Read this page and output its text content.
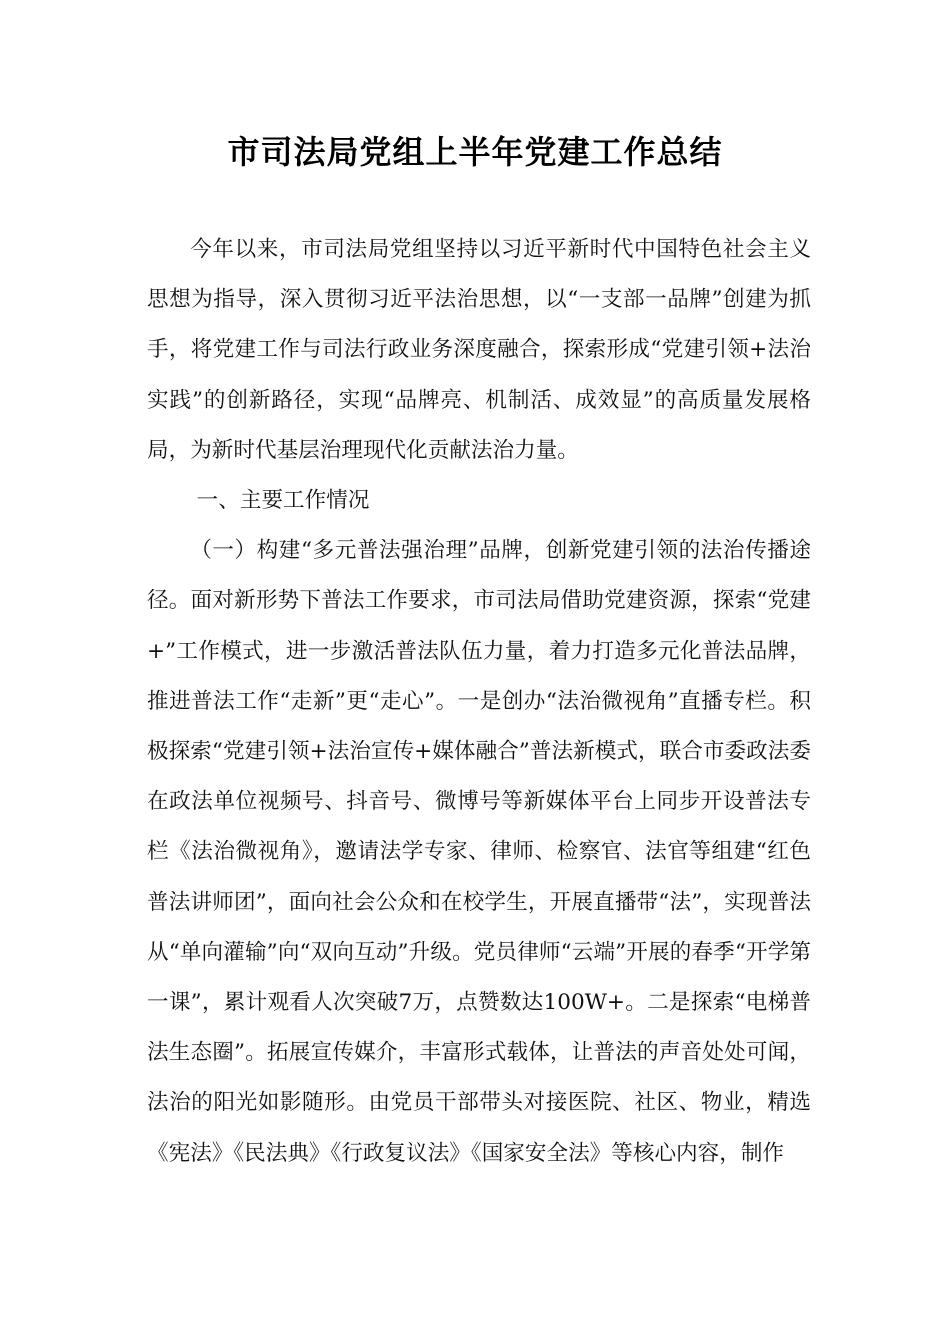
市司法局党组上半年党建工作总结

今年以来，市司法局党组坚持以习近平新时代中国特色社会主义思想为指导，深入贯彻习近平法治思想，以“一支部一品牌”创建为抓手，将党建工作与司法行政业务深度融合，探索形成“党建引领+法治实践”的创新路径，实现“品牌亮、机制活、成效显”的高质量发展格局，为新时代基层治理现代化贡献法治力量。

一、主要工作情况

（一）构建“多元普法强治理”品牌，创新党建引领的法治传播途径。面对新形势下普法工作要求，市司法局借助党建资源，探索“党建+”工作模式，进一步激活普法队伍力量，着力打造多元化普法品牌，推进普法工作“走新”更“走心”。一是创办“法治微视角”直播专栏。积极探索“党建引领+法治宣传+媒体融合”普法新模式，联合市委政法委在政法单位视频号、抖音号、微博号等新媒体平台上同步开设普法专栏《法治微视角》，邀请法学专家、律师、检察官、法官等组建“红色普法讲师团”，面向社会公众和在校学生，开展直播带“法”，实现普法从“单向灌输”向“双向互动”升级。党员律师“云端”开展的春季“开学第一课”，累计观看人次突破7万，点赞数达100W+。二是探索“电梯普法生态圈”。拓展宣传媒介，丰富形式载体，让普法的声音处处可闻，法治的阳光如影随形。由党员干部带头对接医院、社区、物业，精选《宪法》《民法典》《行政复议法》《国家安全法》等核心内容，制作
